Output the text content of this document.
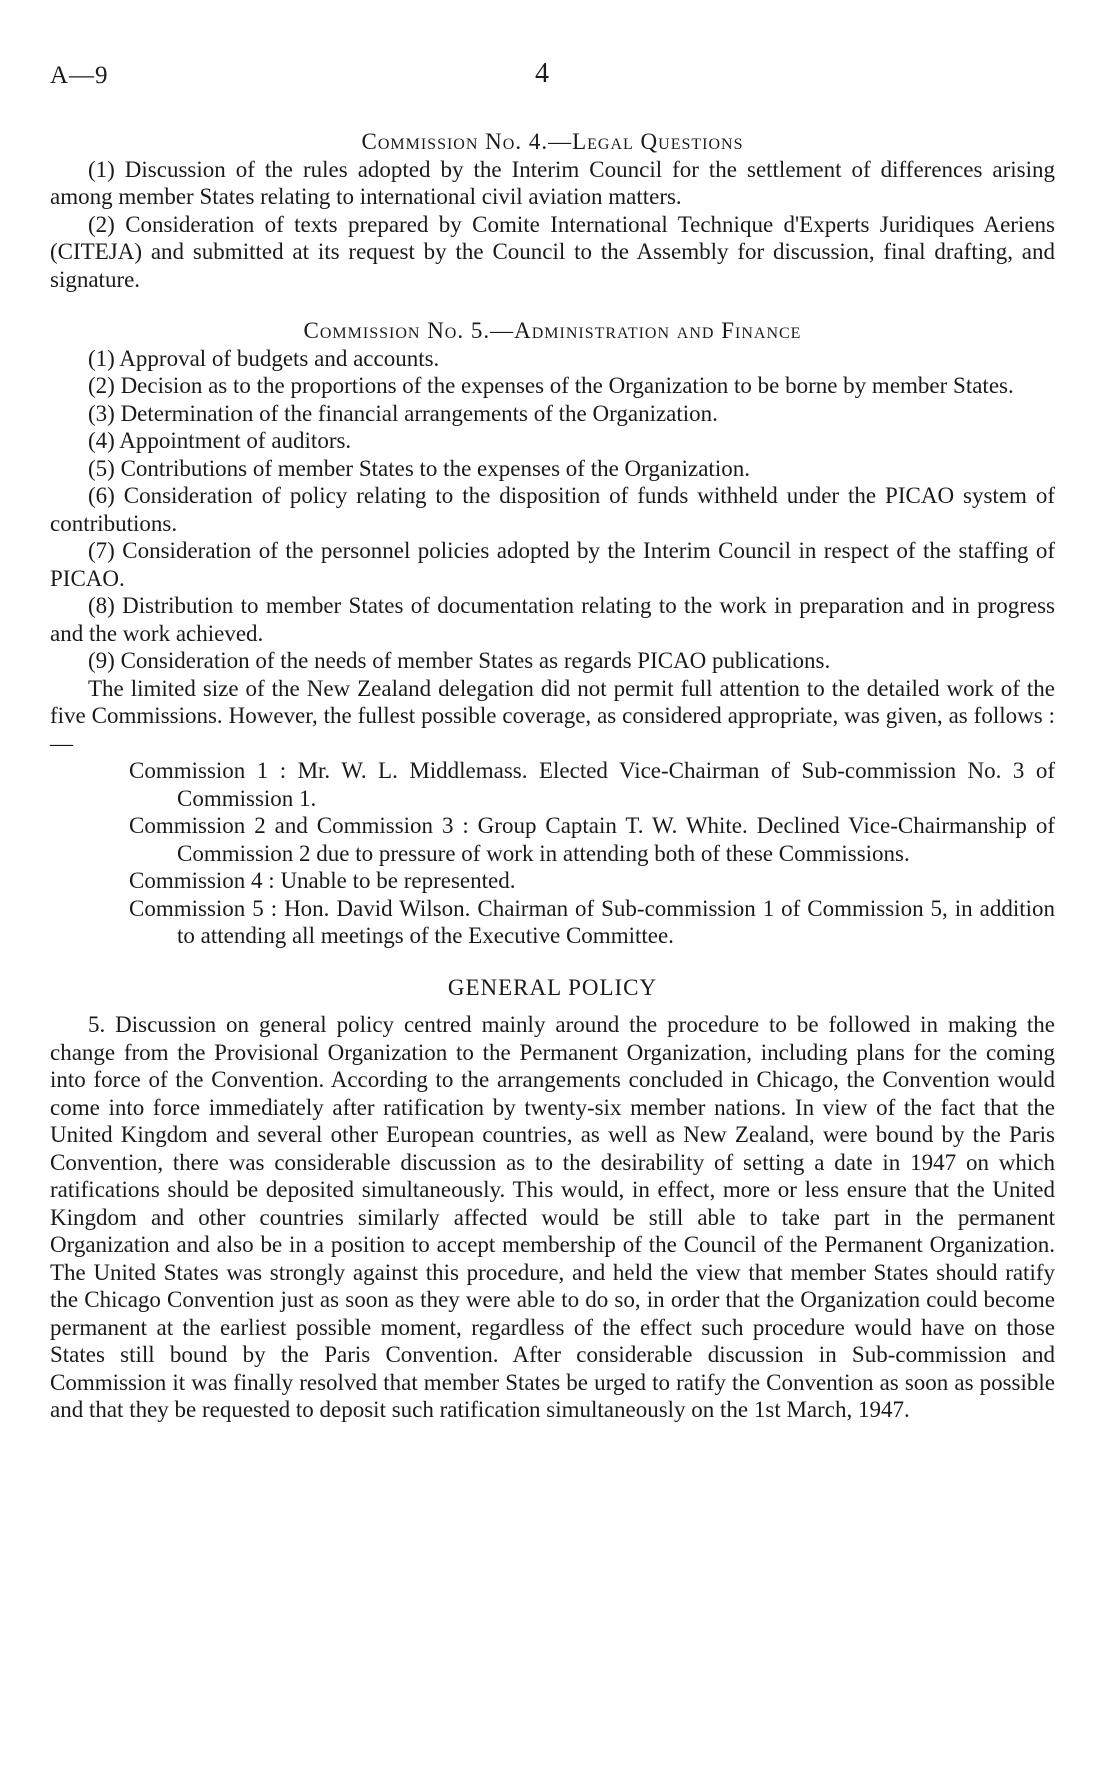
A—9	4
Commission No. 4.—Legal Questions

(1) Discussion of the rules adopted by the Interim Council for the settlement of differences arising among member States relating to international civil aviation matters.

(2) Consideration of texts prepared by Comite International Technique d'Experts Juridiques Aeriens (CITEJA) and submitted at its request by the Council to the Assembly for discussion, final drafting, and signature.

Commission No. 5.—Administration and Finance

(1) Approval of budgets and accounts.

(2) Decision as to the proportions of the expenses of the Organization to be borne by member States.

(3) Determination of the financial arrangements of the Organization.

(4) Appointment of auditors.

(5) Contributions of member States to the expenses of the Organization.

(6) Consideration of policy relating to the disposition of funds withheld under the PICAO system of contributions.

(7) Consideration of the personnel policies adopted by the Interim Council in respect of the staffing of PICAO.

(8) Distribution to member States of documentation relating to the work in preparation and in progress and the work achieved.

(9) Consideration of the needs of member States as regards PICAO publications.

The limited size of the New Zealand delegation did not permit full attention to the detailed work of the five Commissions. However, the fullest possible coverage, as considered appropriate, was given, as follows :—

Commission 1 : Mr. W. L. Middlemass. Elected Vice-Chairman of Sub-commission No. 3 of Commission 1.

Commission 2 and Commission 3 : Group Captain T. W. White. Declined Vice-Chairmanship of Commission 2 due to pressure of work in attending both of these Commissions.

Commission 4 : Unable to be represented.

Commission 5 : Hon. David Wilson. Chairman of Sub-commission 1 of Commission 5, in addition to attending all meetings of the Executive Committee.

GENERAL POLICY

5. Discussion on general policy centred mainly around the procedure to be followed in making the change from the Provisional Organization to the Permanent Organization, including plans for the coming into force of the Convention. According to the arrangements concluded in Chicago, the Convention would come into force immediately after ratification by twenty-six member nations. In view of the fact that the United Kingdom and several other European countries, as well as New Zealand, were bound by the Paris Convention, there was considerable discussion as to the desirability of setting a date in 1947 on which ratifications should be deposited simultaneously. This would, in effect, more or less ensure that the United Kingdom and other countries similarly affected would be still able to take part in the permanent Organization and also be in a position to accept membership of the Council of the Permanent Organization. The United States was strongly against this procedure, and held the view that member States should ratify the Chicago Convention just as soon as they were able to do so, in order that the Organization could become permanent at the earliest possible moment, regardless of the effect such procedure would have on those States still bound by the Paris Convention. After considerable discussion in Sub-commission and Commission it was finally resolved that member States be urged to ratify the Convention as soon as possible and that they be requested to deposit such ratification simultaneously on the 1st March, 1947.
